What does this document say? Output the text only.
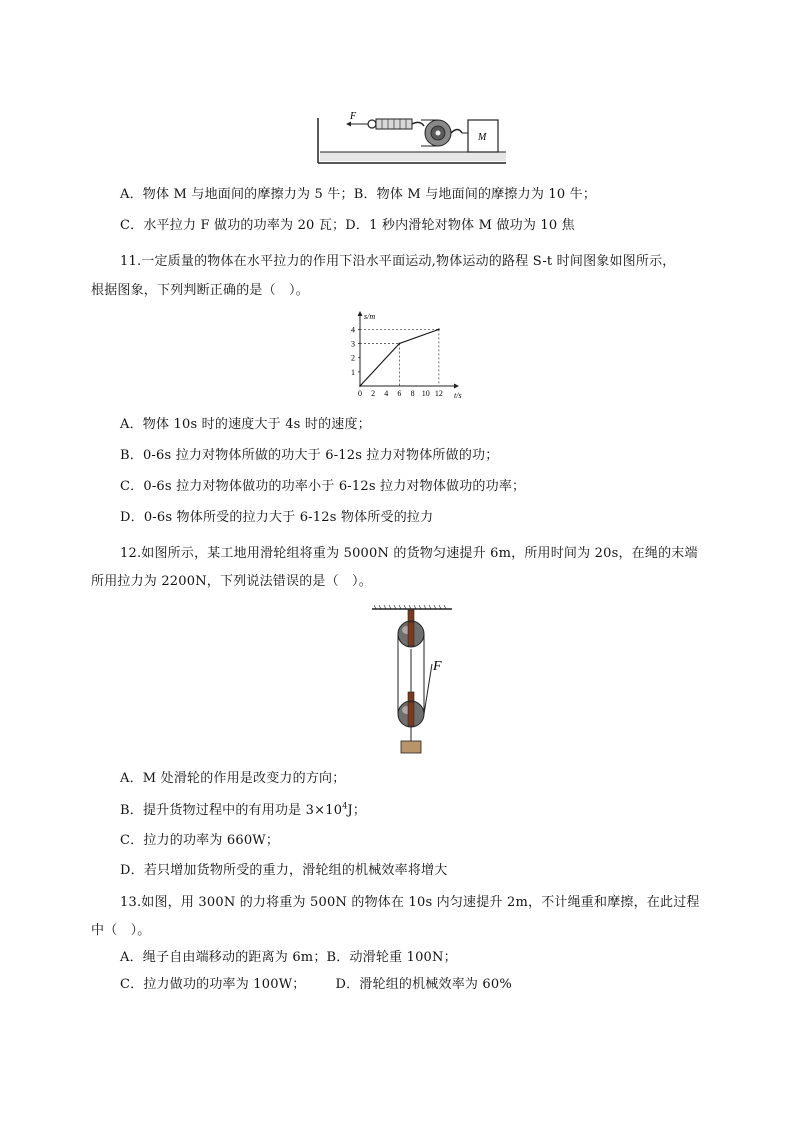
F
M
A．物体 M 与地面间的摩擦力为 5 牛；B．物体 M 与地面间的摩擦力为 10 牛；
C．水平拉力 F 做功的功率为 20 瓦；D．1 秒内滑轮对物体 M 做功为 10 焦
11.一定质量的物体在水平拉力的作用下沿水平面运动,物体运动的路程 S-t 时间图象如图所示，
根据图象，下列判断正确的是（　）。
s/m
t/s
0 2 4 6 8 10 12
1
2
3
4
A．物体 10s 时的速度大于 4s 时的速度；
B．0-6s 拉力对物体所做的功大于 6-12s 拉力对物体所做的功；
C．0-6s 拉力对物体做功的功率小于 6-12s 拉力对物体做功的功率；
D．0-6s 物体所受的拉力大于 6-12s 物体所受的拉力
12.如图所示，某工地用滑轮组将重为 5000N 的货物匀速提升 6m，所用时间为 20s，在绳的末端
所用拉力为 2200N，下列说法错误的是（　）。
F
A．M 处滑轮的作用是改变力的方向；
B．提升货物过程中的有用功是 $3\times 10^4J$；
C．拉力的功率为 660W；
D．若只增加货物所受的重力，滑轮组的机械效率将增大
13.如图，用 300N 的力将重为 500N 的物体在 10s 内匀速提升 2m，不计绳重和摩擦，在此过程
中（　）。
A．绳子自由端移动的距离为 6m；B．动滑轮重 100N；
C．拉力做功的功率为 100W； D．滑轮组的机械效率为 60%
